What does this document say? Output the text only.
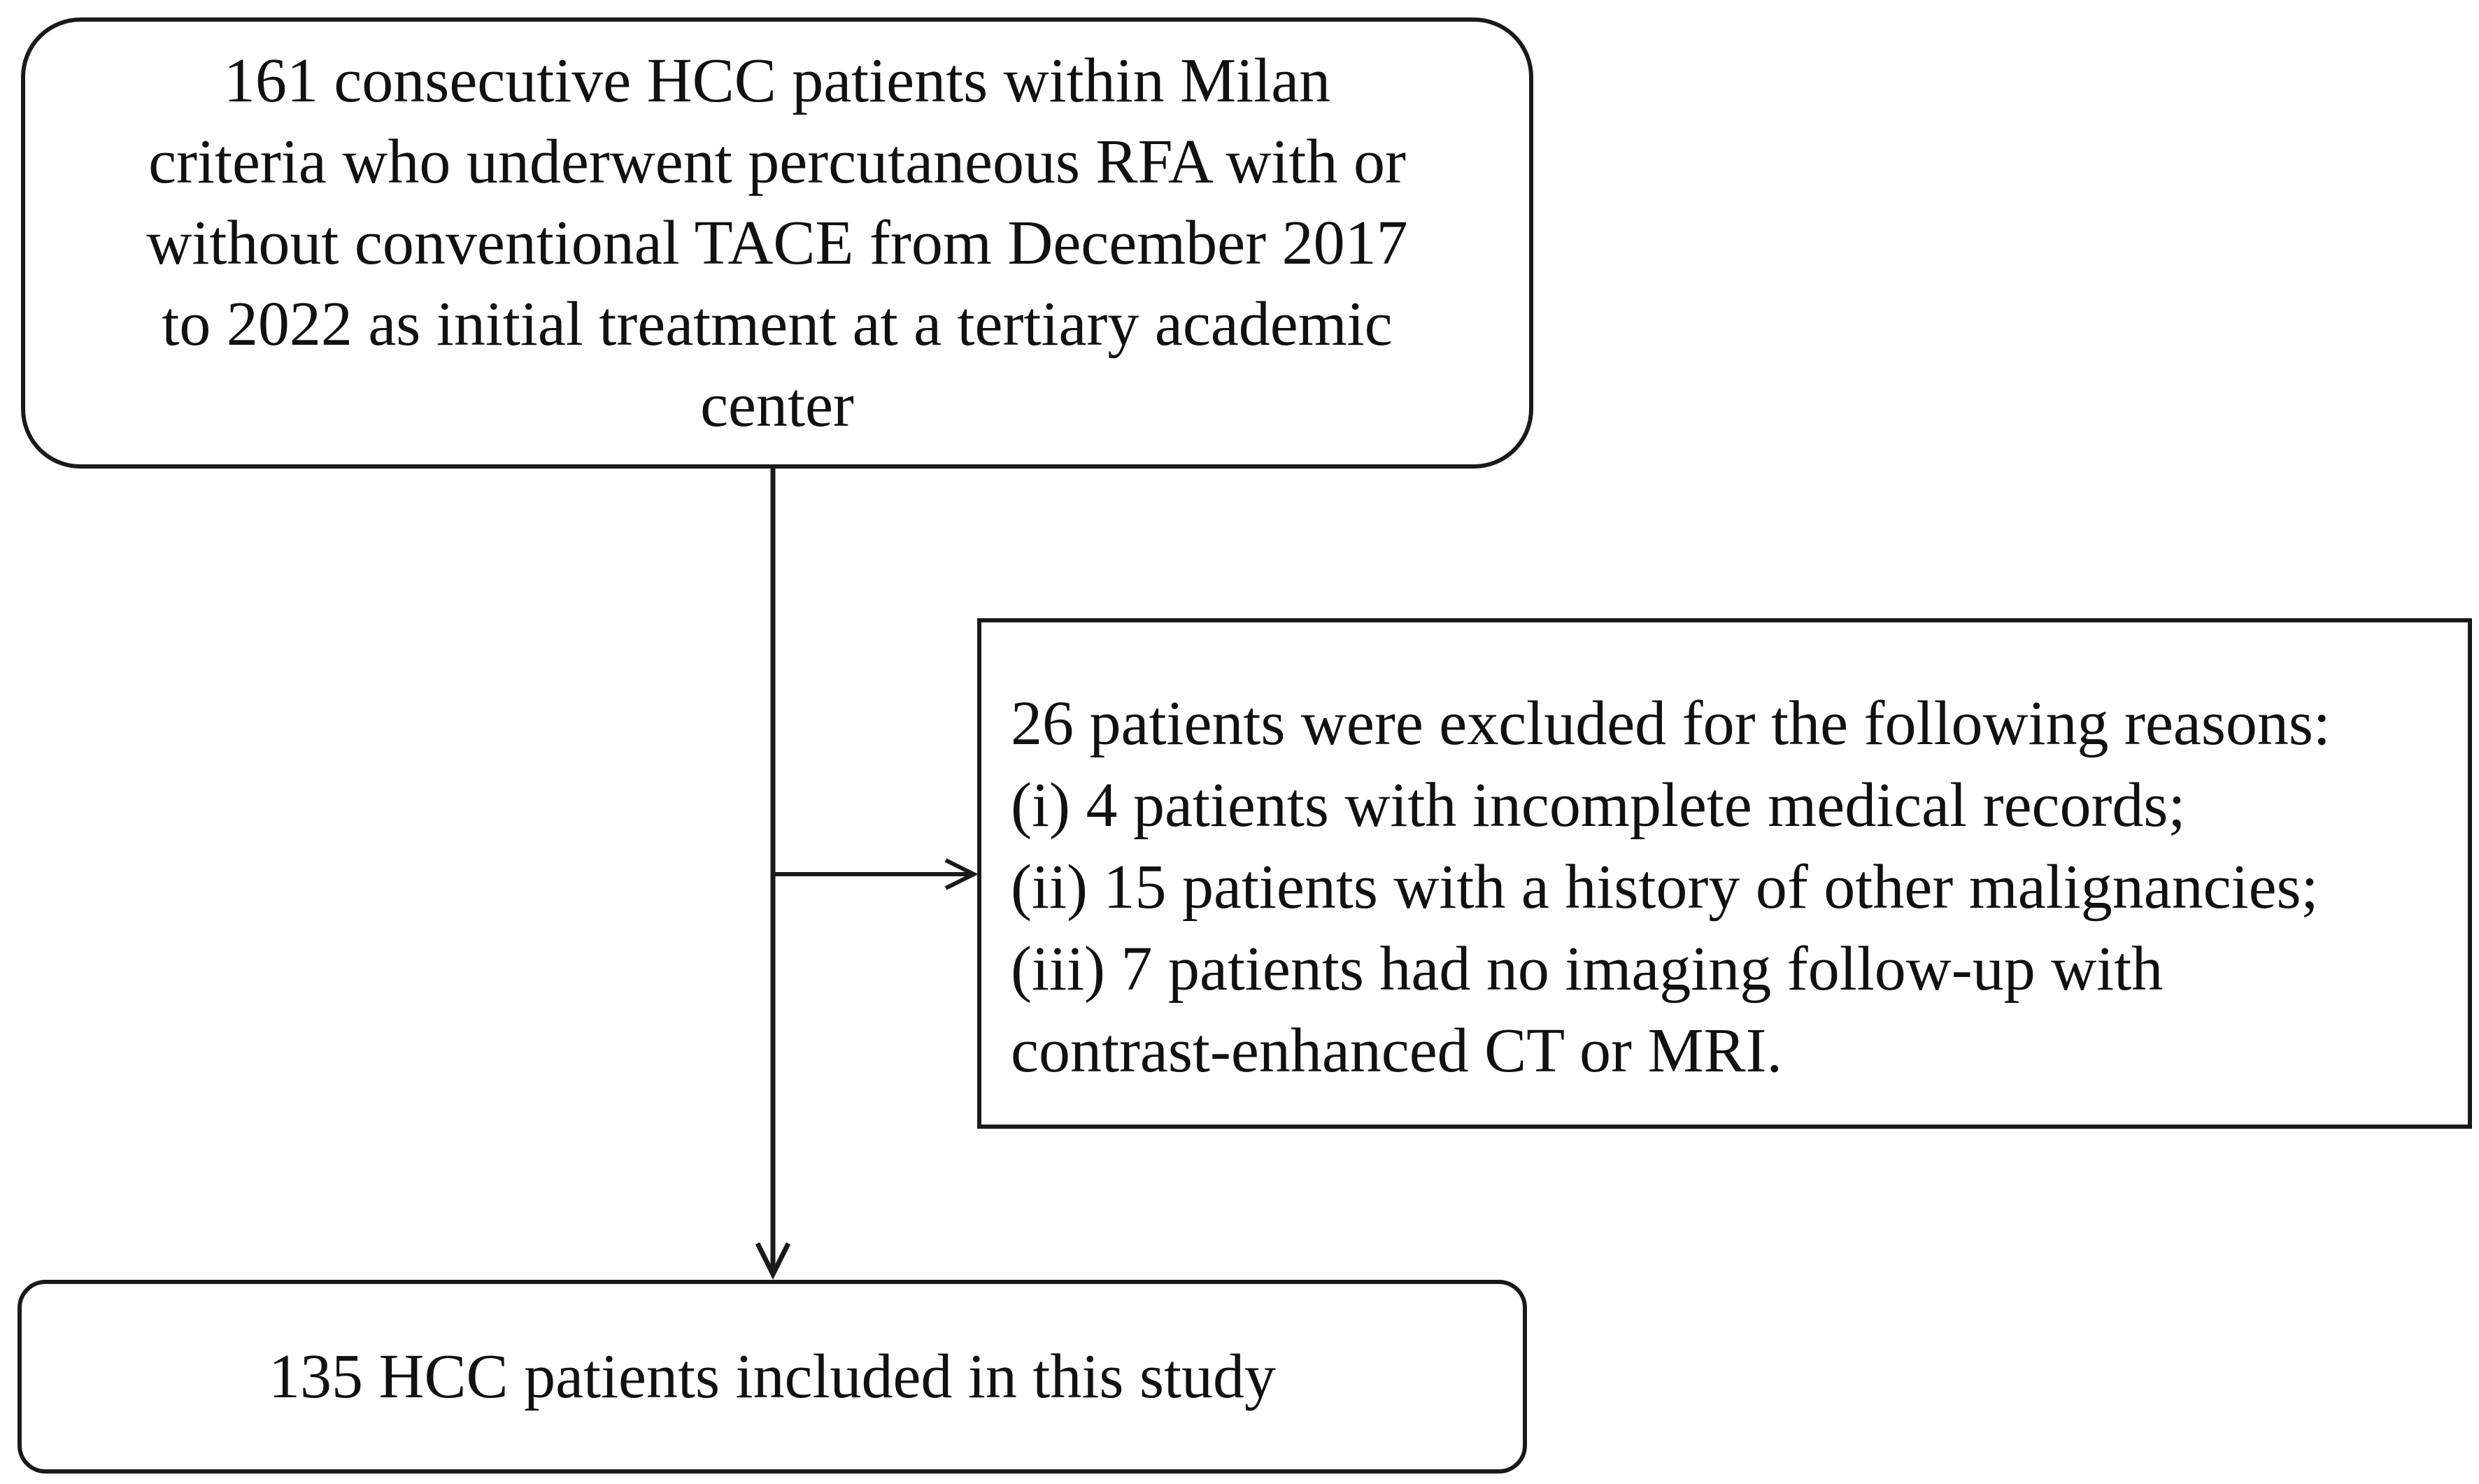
161 consecutive HCC patients within Milan
criteria who underwent percutaneous RFA with or
without conventional TACE from December 2017
to 2022 as initial treatment at a tertiary academic
center
26 patients were excluded for the following reasons:
(i) 4 patients with incomplete medical records;
(ii) 15 patients with a history of other malignancies;
(iii) 7 patients had no imaging follow-up with
contrast-enhanced CT or MRI.
135 HCC patients included in this study
